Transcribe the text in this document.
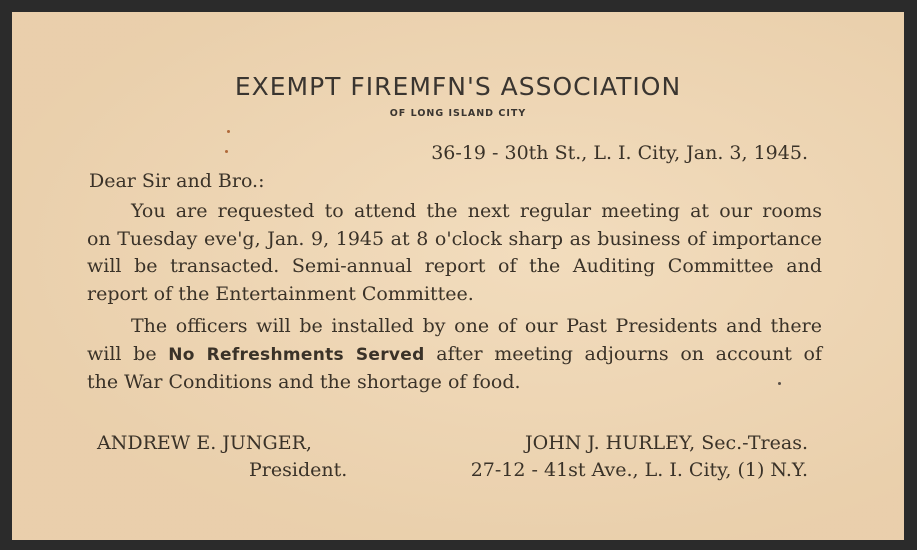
EXEMPT FIREMFN'S ASSOCIATION
OF LONG ISLAND CITY
36-19 - 30th St., L. I. City, Jan. 3, 1945.
Dear Sir and Bro.:
You are requested to attend the next regular meeting at our rooms
on Tuesday eve'g, Jan. 9, 1945 at 8 o'clock sharp as business of importance
will be transacted. Semi-annual report of the Auditing Committee and
report of the Entertainment Committee.
The officers will be installed by one of our Past Presidents and there
will be No Refreshments Served after meeting adjourns on account of
the War Conditions and the shortage of food.
ANDREW E. JUNGER,
President.
JOHN J. HURLEY, Sec.-Treas.
27-12 - 41st Ave., L. I. City, (1) N.Y.
